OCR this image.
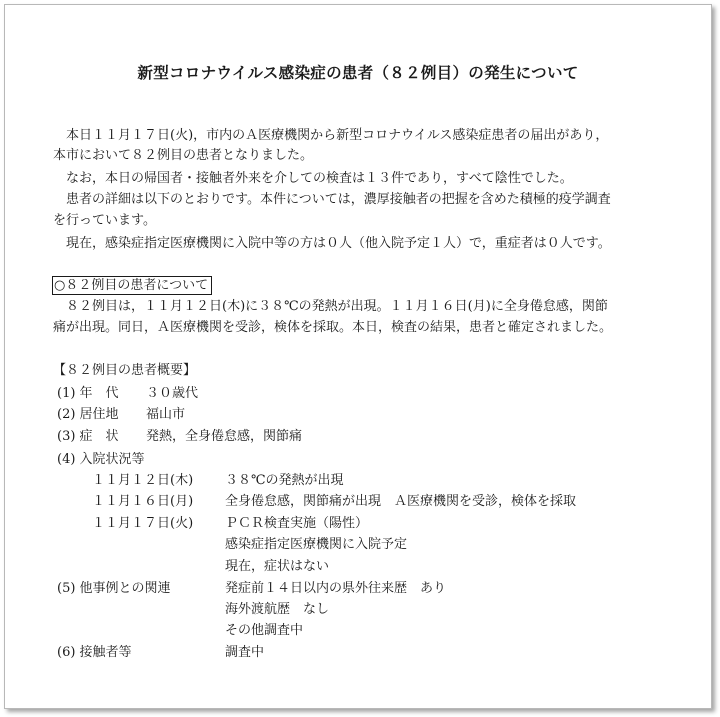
新型コロナウイルス感染症の患者（８２例目）の発生について
本日１１月１７日(火)，市内のＡ医療機関から新型コロナウイルス感染症患者の届出があり，
本市において８２例目の患者となりました。
なお，本日の帰国者・接触者外来を介しての検査は１３件であり，すべて陰性でした。
患者の詳細は以下のとおりです。本件については，濃厚接触者の把握を含めた積極的疫学調査
を行っています。
現在，感染症指定医療機関に入院中等の方は０人（他入院予定１人）で，重症者は０人です。
○８２例目の患者について
８２例目は，１１月１２日(木)に３８℃の発熱が出現。１１月１６日(月)に全身倦怠感，関節
痛が出現。同日，Ａ医療機関を受診，検体を採取。本日，検査の結果，患者と確定されました。
【８２例目の患者概要】
(1) 年　代 ３０歳代
(2) 居住地 福山市
(3) 症　状 発熱，全身倦怠感，関節痛
(4) 入院状況等
１１月１２日(木) ３８℃の発熱が出現
１１月１６日(月) 全身倦怠感，関節痛が出現　Ａ医療機関を受診，検体を採取
１１月１７日(火) ＰＣＲ検査実施（陽性）
感染症指定医療機関に入院予定
現在，症状はない
(5) 他事例との関連	発症前１４日以内の県外往来歴　あり
海外渡航歴　なし
その他調査中
(6) 接触者等	調査中
